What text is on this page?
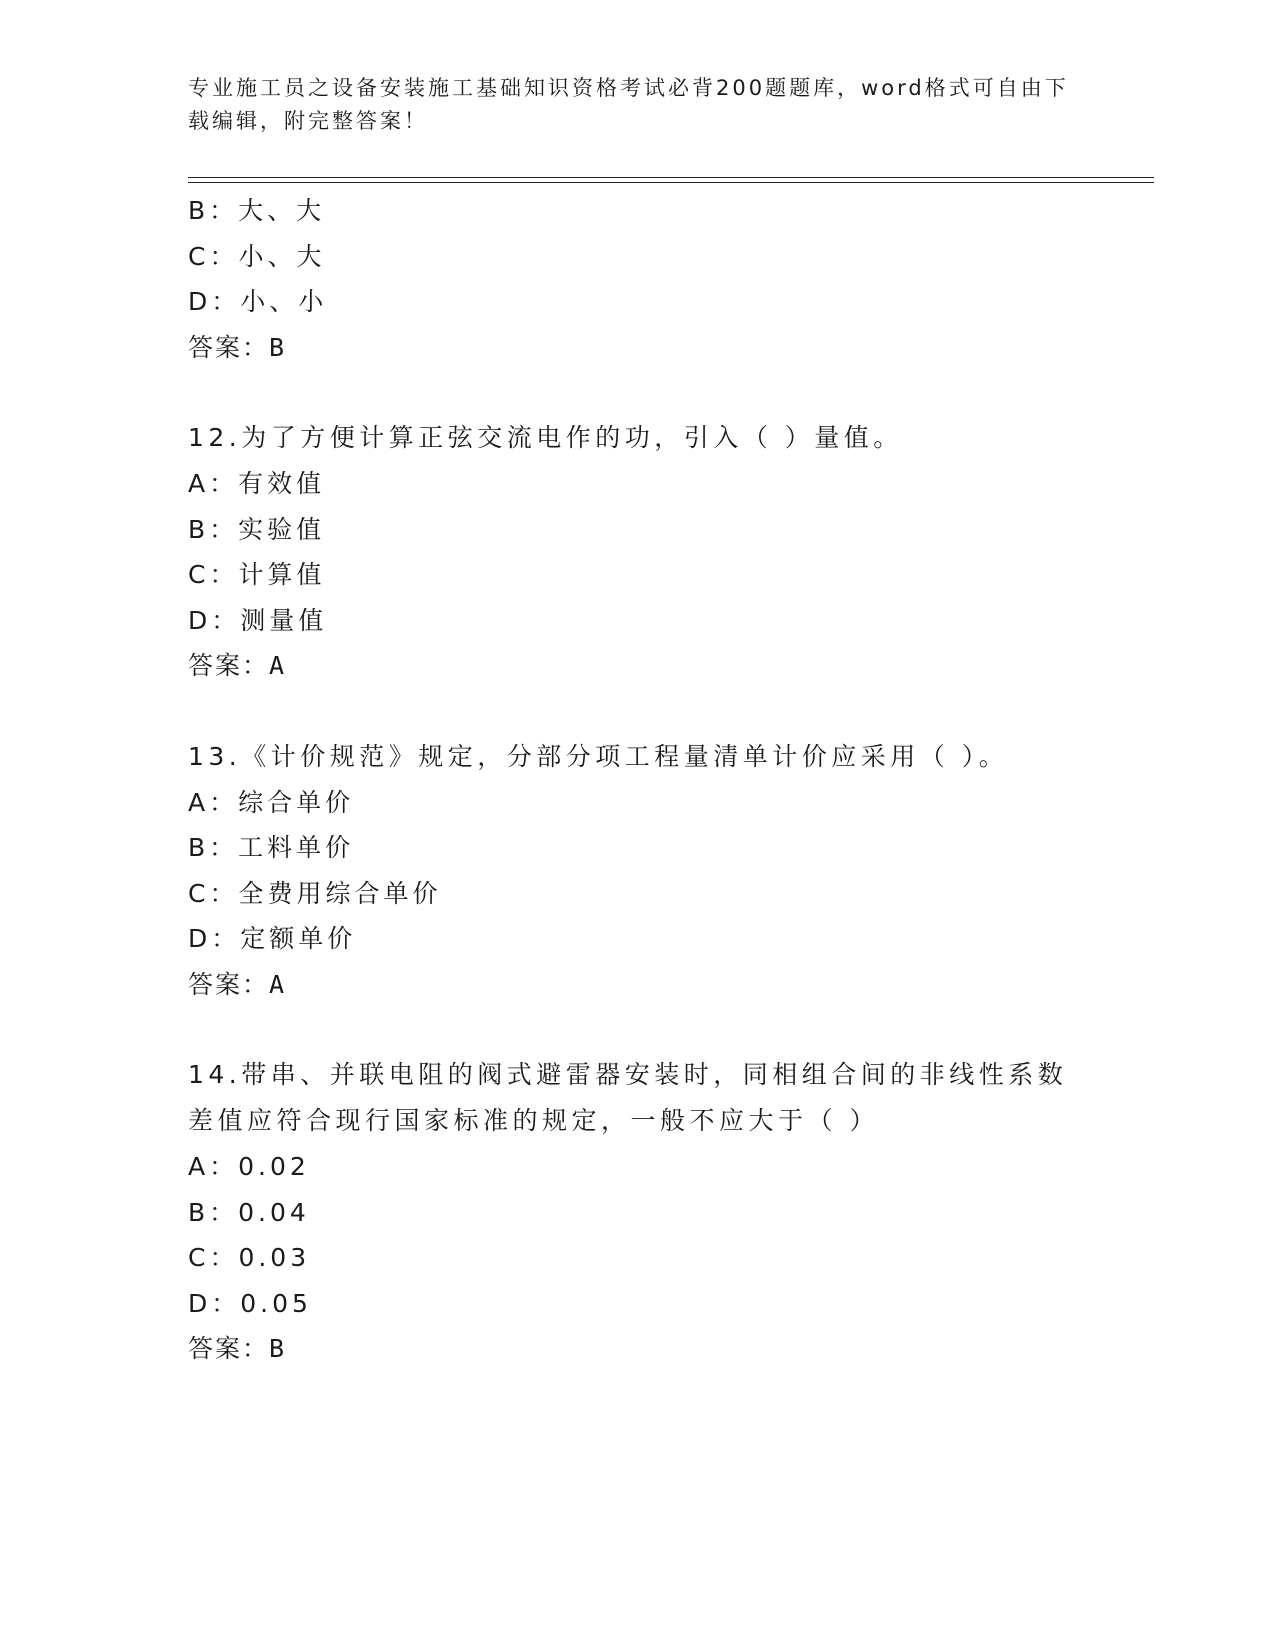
专业施工员之设备安装施工基础知识资格考试必背200题题库，word格式可自由下载编辑，附完整答案！
B：大、大
C：小、大
D：小、小
答案：B
12.为了方便计算正弦交流电作的功，引入（ ）量值。
A：有效值
B：实验值
C：计算值
D：测量值
答案：A
13.《计价规范》规定，分部分项工程量清单计价应采用（ ）。
A：综合单价
B：工料单价
C：全费用综合单价
D：定额单价
答案：A
14.带串、并联电阻的阀式避雷器安装时，同相组合间的非线性系数差值应符合现行国家标准的规定，一般不应大于（ ）
A：0.02
B：0.04
C：0.03
D：0.05
答案：B
